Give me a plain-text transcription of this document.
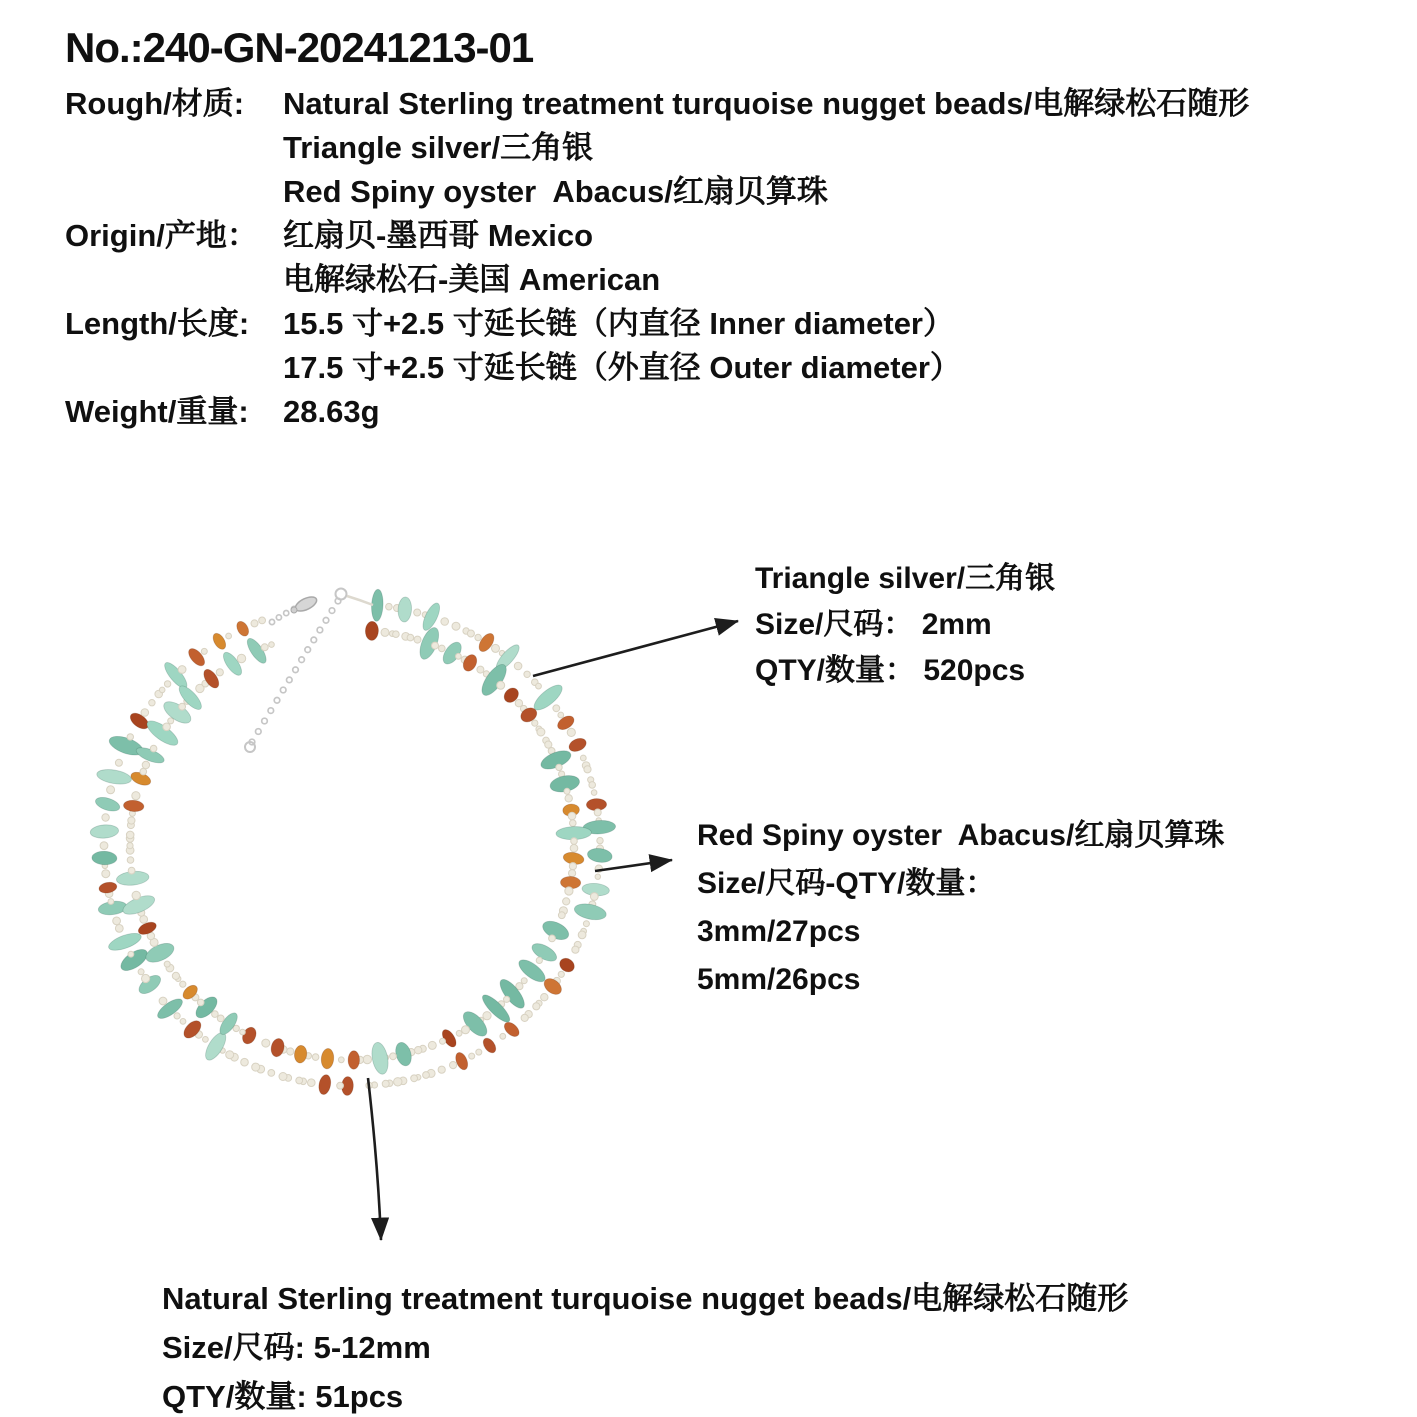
No.:240-GN-20241213-01
Rough/材质:	Natural Sterling treatment turquoise nugget beads/电解绿松石随形
Triangle silver/三角银
Red Spiny oyster  Abacus/红扇贝算珠
Origin/产地： 红扇贝-墨西哥 Mexico
电解绿松石-美国 American
Length/长度:	15.5 寸+2.5 寸延长链（内直径 Inner diameter）
17.5 寸+2.5 寸延长链（外直径 Outer diameter）
Weight/重量:	28.63g
Triangle silver/三角银
Size/尺码： 2mm
QTY/数量： 520pcs
Red Spiny oyster  Abacus/红扇贝算珠
Size/尺码-QTY/数量：
3mm/27pcs
5mm/26pcs
Natural Sterling treatment turquoise nugget beads/电解绿松石随形
Size/尺码: 5-12mm
QTY/数量: 51pcs
